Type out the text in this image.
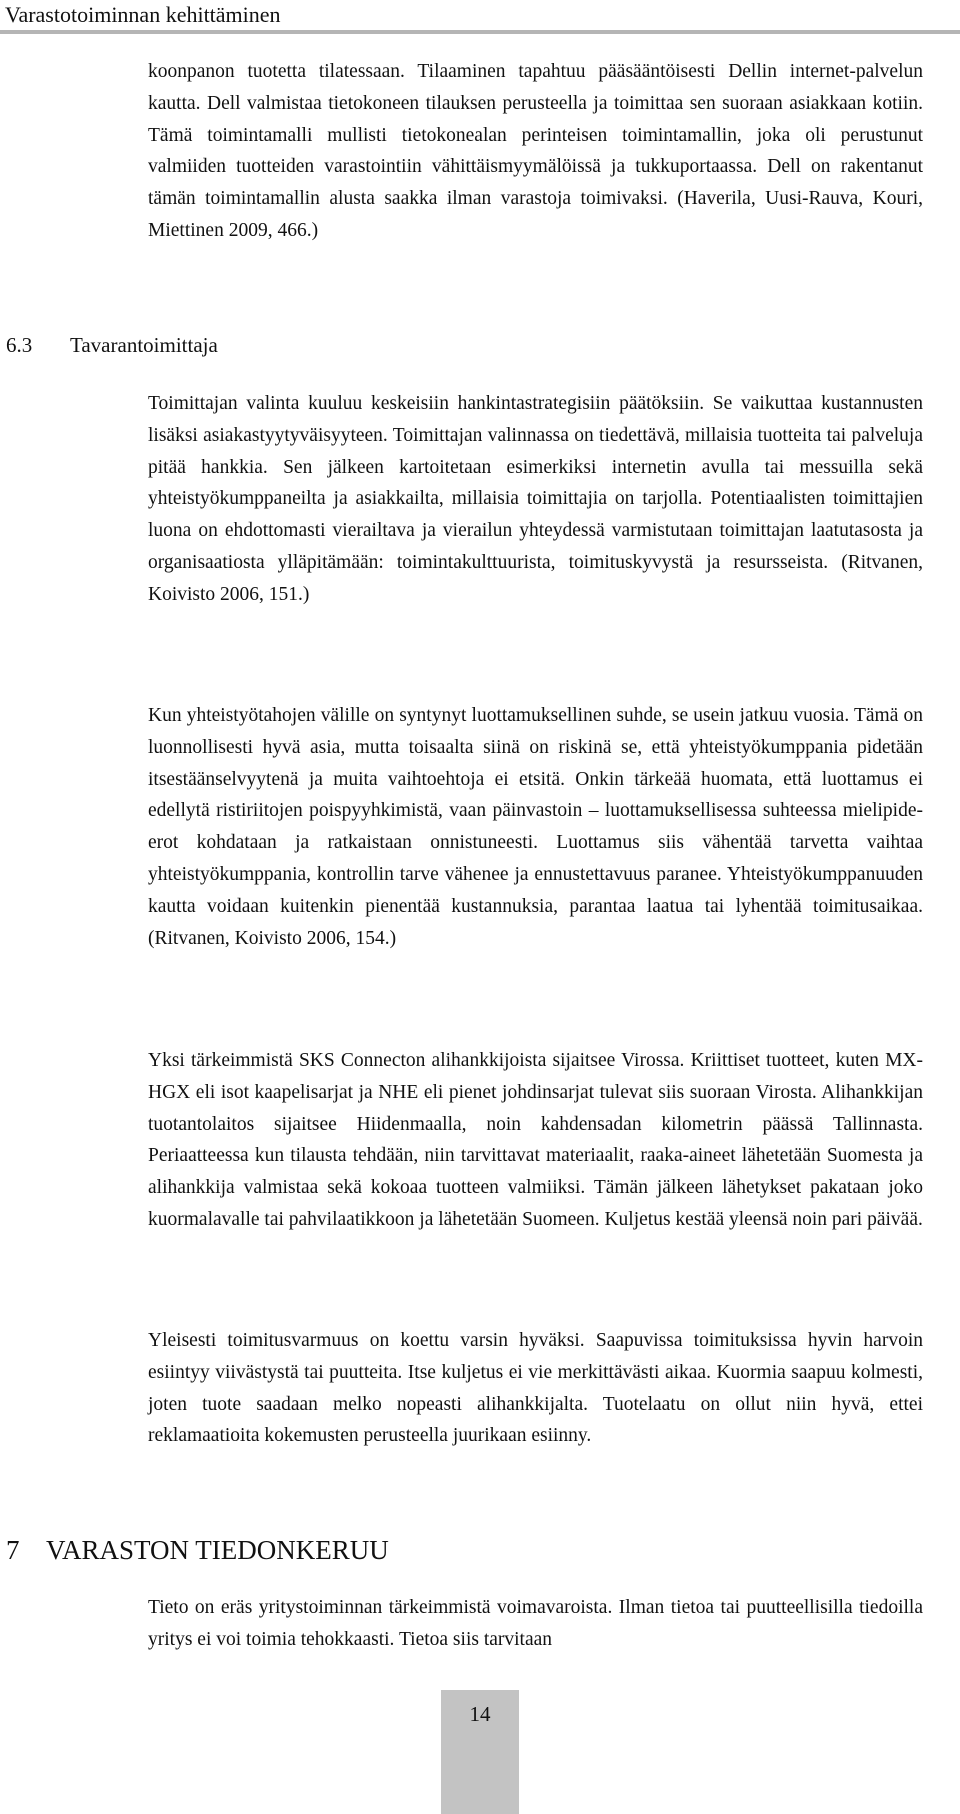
Varastotoiminnan kehittäminen

koonpanon tuotetta tilatessaan. Tilaaminen tapahtuu pääsääntöisesti Dellin internet-palvelun kautta. Dell valmistaa tietokoneen tilauksen perusteella ja toimittaa sen suoraan asiakkaan kotiin. Tämä toimintamalli mullisti tietokonealan perinteisen toimintamallin, joka oli perustunut valmiiden tuotteiden varastointiin vähittäismyymälöissä ja tukkuportaassa. Dell on rakentanut tämän toimintamallin alusta saakka ilman varastoja toimivaksi. (Haverila, Uusi-Rauva, Kouri, Miettinen 2009, 466.)

6.3 Tavarantoimittaja

Toimittajan valinta kuuluu keskeisiin hankintastrategisiin päätöksiin. Se vaikuttaa kustannusten lisäksi asiakastyytyväisyyteen. Toimittajan valinnassa on tiedettävä, millaisia tuotteita tai palveluja pitää hankkia. Sen jälkeen kartoitetaan esimerkiksi internetin avulla tai messuilla sekä yhteistyökumppaneilta ja asiakkailta, millaisia toimittajia on tarjolla. Potentiaalisten toimittajien luona on ehdottomasti vierailtava ja vierailun yhteydessä varmistutaan toimittajan laatutasosta ja organisaatiosta ylläpitämään: toimintakulttuurista, toimituskyvystä ja resursseista. (Ritvanen, Koivisto 2006, 151.)

Kun yhteistyötahojen välille on syntynyt luottamuksellinen suhde, se usein jatkuu vuosia. Tämä on luonnollisesti hyvä asia, mutta toisaalta siinä on riskinä se, että yhteistyökumppania pidetään itsestäänselvyytenä ja muita vaihtoehtoja ei etsitä. Onkin tärkeää huomata, että luottamus ei edellytä ristiriitojen poispyyhkimistä, vaan päinvastoin – luottamuksellisessa suhteessa mielipide-erot kohdataan ja ratkaistaan onnistuneesti. Luottamus siis vähentää tarvetta vaihtaa yhteistyökumppania, kontrollin tarve vähenee ja ennustettavuus paranee. Yhteistyökumppanuuden kautta voidaan kuitenkin pienentää kustannuksia, parantaa laatua tai lyhentää toimitusaikaa. (Ritvanen, Koivisto 2006, 154.)

Yksi tärkeimmistä SKS Connecton alihankkijoista sijaitsee Virossa. Kriittiset tuotteet, kuten MX-HGX eli isot kaapelisarjat ja NHE eli pienet johdinsarjat tulevat siis suoraan Virosta. Alihankkijan tuotantolaitos sijaitsee Hiidenmaalla, noin kahdensadan kilometrin päässä Tallinnasta. Periaatteessa kun tilausta tehdään, niin tarvittavat materiaalit, raaka-aineet lähetetään Suomesta ja alihankkija valmistaa sekä kokoaa tuotteen valmiiksi. Tämän jälkeen lähetykset pakataan joko kuormalavalle tai pahvilaatikkoon ja lähetetään Suomeen. Kuljetus kestää yleensä noin pari päivää.

Yleisesti toimitusvarmuus on koettu varsin hyväksi. Saapuvissa toimituksissa hyvin harvoin esiintyy viivästystä tai puutteita. Itse kuljetus ei vie merkittävästi aikaa. Kuormia saapuu kolmesti, joten tuote saadaan melko nopeasti alihankkijalta. Tuotelaatu on ollut niin hyvä, ettei reklamaatioita kokemusten perusteella juurikaan esiinny.

7 VARASTON TIEDONKERUU

Tieto on eräs yritystoiminnan tärkeimmistä voimavaroista. Ilman tietoa tai puutteellisilla tiedoilla yritys ei voi toimia tehokkaasti. Tietoa siis tarvitaan

14
